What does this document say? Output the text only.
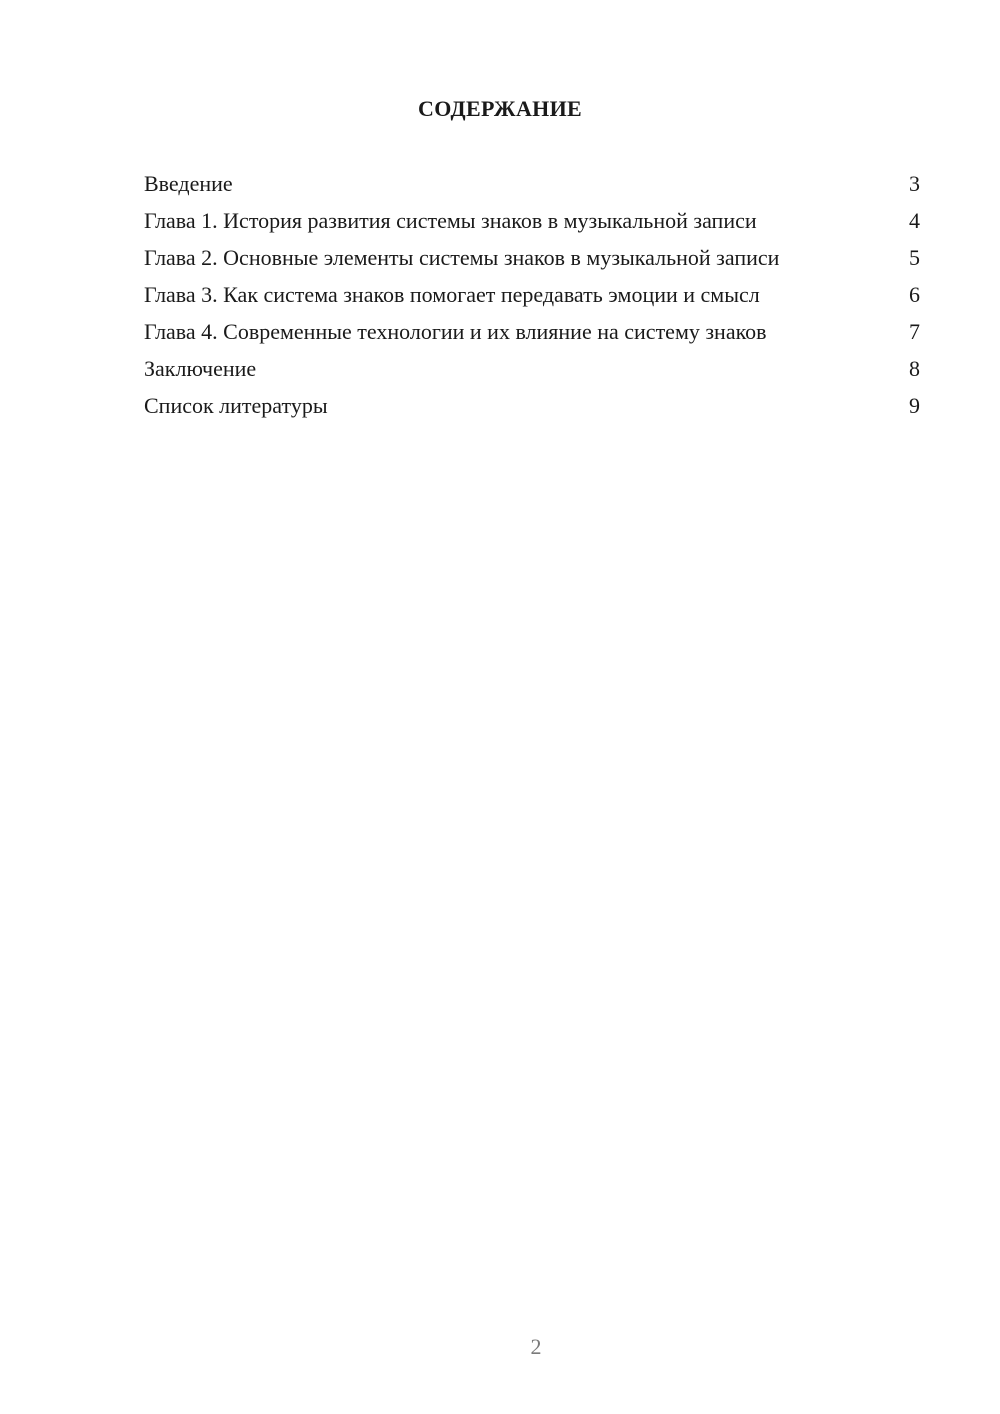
СОДЕРЖАНИЕ
Введение	3
Глава 1. История развития системы знаков в музыкальной записи	4
Глава 2. Основные элементы системы знаков в музыкальной записи	5
Глава 3. Как система знаков помогает передавать эмоции и смысл	6
Глава 4. Современные технологии и их влияние на систему знаков	7
Заключение	8
Список литературы	9
2
